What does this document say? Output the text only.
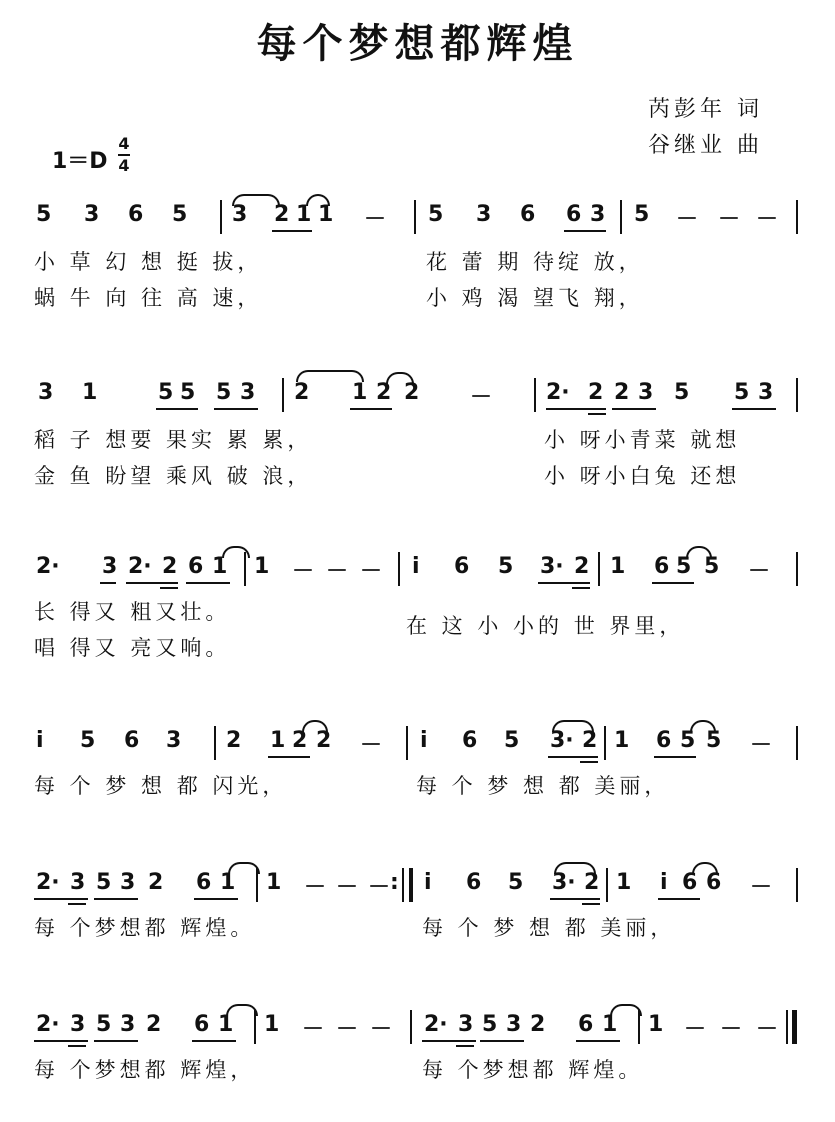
每个梦想都辉煌
芮彭年 词
谷继业 曲
1＝D
4
4
5 3 6 5 3 2 1 1 － 5 3 6 6 3 5 － － －
小 草 幻 想 挺 拔，	花 蕾 期 待绽 放，
蜗 牛 向 往 高 速，	小 鸡 渴 望飞 翔，
3 1	5 5 5 3 2 1 2 2 － 2· 2 2 3 5 5 3
稻 子 想要 果实 累 累，	小 呀小青菜 就想
金 鱼 盼望 乘风 破 浪，	小 呀小白兔 还想
2· 3 2· 2 6 1 1 － － － i 6 5 3· 2 1 6 5 5 －
长 得又 粗又壮。
在 这 小 小的 世 界里，
唱 得又 亮又响。
i 5 6 3 2 1 2 2 － i 6 5 3· 2 1 6 5 5 －
每 个 梦 想 都 闪光，	每 个 梦 想 都 美丽，
2· 3 5 3 2 6 1 1 － － － : i 6 5 3· 2 1 i 6 6 －
每 个梦想都 辉煌。	每 个 梦 想 都 美丽，
2· 3 5 3 2 6 1 1 － － － 2· 3 5 3 2 6 1 1 － － －
每 个梦想都 辉煌，	每 个梦想都 辉煌。
